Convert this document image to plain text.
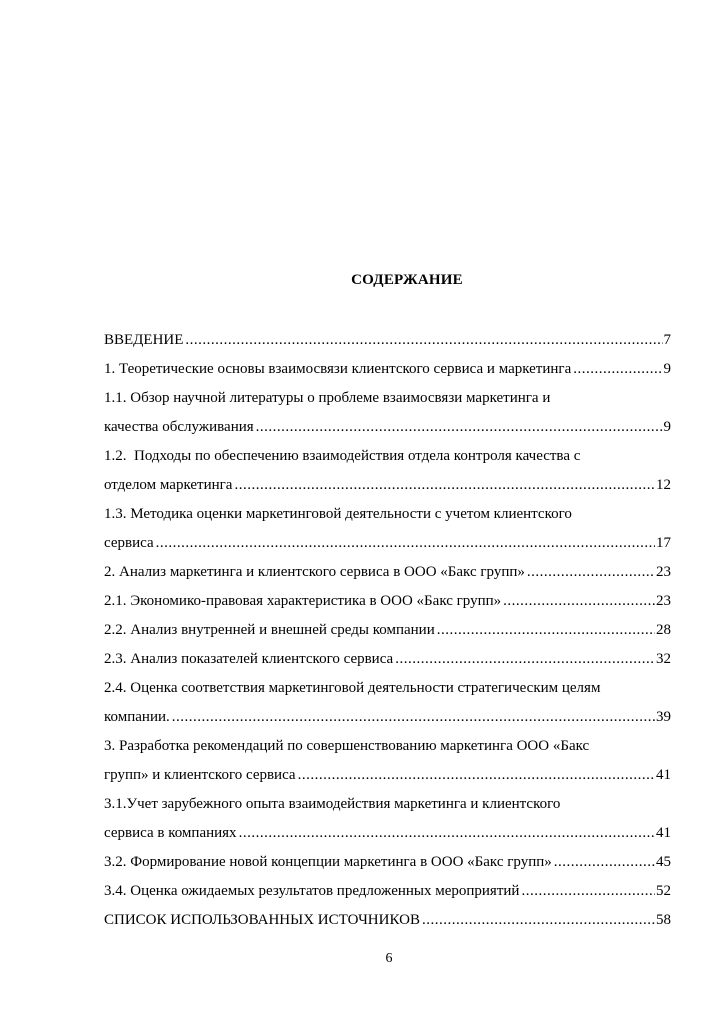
СОДЕРЖАНИЕ
ВВЕДЕНИЕ .....	7
1. Теоретические основы взаимосвязи клиентского сервиса и маркетинга .....	9
1.1. Обзор научной литературы о проблеме взаимосвязи маркетинга и
качества обслуживания .....	9
1.2.  Подходы по обеспечению взаимодействия отдела контроля качества с
отделом маркетинга .....	12
1.3. Методика оценки маркетинговой деятельности с учетом клиентского
сервиса .....	17
2. Анализ маркетинга и клиентского сервиса в ООО «Бакс групп» .....	23
2.1. Экономико-правовая характеристика в ООО «Бакс групп» .....	23
2.2. Анализ внутренней и внешней среды компании .....	28
2.3. Анализ показателей клиентского сервиса .....	32
2.4. Оценка соответствия маркетинговой деятельности стратегическим целям
компании. .....	39
3. Разработка рекомендаций по совершенствованию маркетинга ООО «Бакс
групп» и клиентского сервиса .....	41
3.1.Учет зарубежного опыта взаимодействия маркетинга и клиентского
сервиса в компаниях .....	41
3.2. Формирование новой концепции маркетинга в ООО «Бакс групп» .....	45
3.4. Оценка ожидаемых результатов предложенных мероприятий .....	52
СПИСОК ИСПОЛЬЗОВАННЫХ ИСТОЧНИКОВ .....	58
6
